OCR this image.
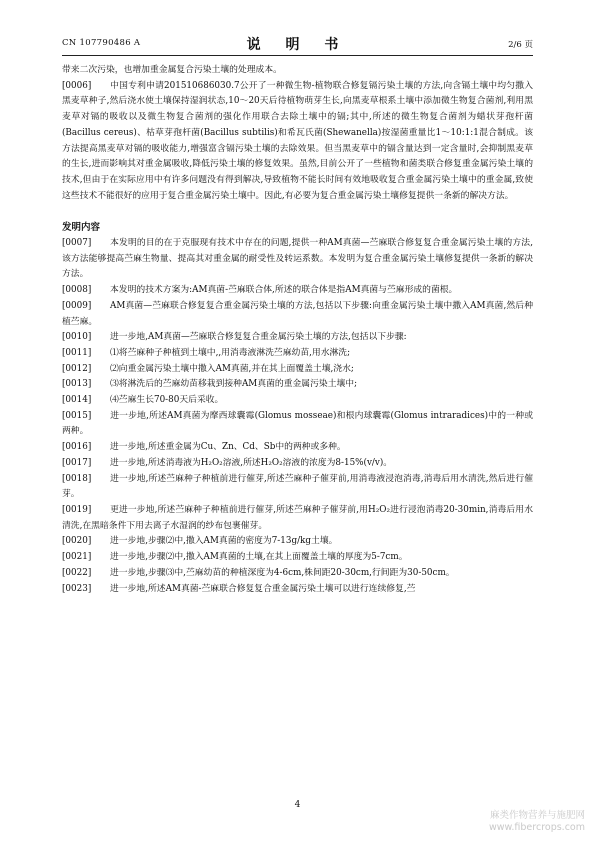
CN 107790486 A	说 明 书	2/6 页

带来二次污染，也增加重金属复合污染土壤的处理成本。

[0006] 中国专利申请201510686030.7公开了一种微生物-植物联合修复镉污染土壤的方法,向含镉土壤中均匀撒入黑麦草种子,然后浇水使土壤保持湿润状态,10～20天后待植物萌芽生长,向黑麦草根系土壤中添加微生物复合菌剂,利用黑麦草对镉的吸收以及微生物复合菌剂的强化作用联合去除土壤中的镉;其中,所述的微生物复合菌剂为蜡状芽孢杆菌(Bacillus cereus)、枯草芽孢杆菌(Bacillus subtilis)和希瓦氏菌(Shewanella)按湿菌重量比1～10:1:1混合制成。该方法提高黑麦草对镉的吸收能力,增强富含镉污染土壤的去除效果。但当黑麦草中的镉含量达到一定含量时,会抑制黑麦草的生长,进而影响其对重金属吸收,降低污染土壤的修复效果。虽然,目前公开了一些植物和菌类联合修复重金属污染土壤的技术,但由于在实际应用中有许多问题没有得到解决,导致植物不能长时间有效地吸收复合重金属污染土壤中的重金属,致使这些技术不能很好的应用于复合重金属污染土壤中。因此,有必要为复合重金属污染土壤修复提供一条新的解决方法。

发明内容

[0007] 本发明的目的在于克服现有技术中存在的问题,提供一种AM真菌—苎麻联合修复复合重金属污染土壤的方法,该方法能够提高苎麻生物量、提高其对重金属的耐受性及转运系数。本发明为复合重金属污染土壤修复提供一条新的解决方法。

[0008] 本发明的技术方案为:AM真菌-苎麻联合体,所述的联合体是指AM真菌与苎麻形成的菌根。

[0009] AM真菌—苎麻联合修复复合重金属污染土壤的方法,包括以下步骤:向重金属污染土壤中撒入AM真菌,然后种植苎麻。

[0010] 进一步地,AM真菌—苎麻联合修复复合重金属污染土壤的方法,包括以下步骤:

[0011] ⑴将苎麻种子种植到土壤中,,用消毒液淋洗苎麻幼苗,用水淋洗;

[0012] ⑵向重金属污染土壤中撒入AM真菌,并在其上面覆盖土壤,浇水;

[0013] ⑶将淋洗后的苎麻幼苗移栽到接种AM真菌的重金属污染土壤中;

[0014] ⑷苎麻生长70-80天后采收。

[0015] 进一步地,所述AM真菌为摩西球囊霉(Glomus mosseae)和根内球囊霉(Glomus intraradices)中的一种或两种。

[0016] 进一步地,所述重金属为Cu、Zn、Cd、Sb中的两种或多种。

[0017] 进一步地,所述消毒液为H₂O₂溶液,所述H₂O₂溶液的浓度为8-15%(v/v)。

[0018] 进一步地,所述苎麻种子种植前进行催芽,所述苎麻种子催芽前,用消毒液浸泡消毒,消毒后用水清洗,然后进行催芽。

[0019] 更进一步地,所述苎麻种子种植前进行催芽,所述苎麻种子催芽前,用H₂O₂进行浸泡消毒20-30min,消毒后用水清洗,在黑暗条件下用去离子水湿润的纱布包裹催芽。

[0020] 进一步地,步骤⑵中,撒入AM真菌的密度为7-13g/kg土壤。

[0021] 进一步地,步骤⑵中,撒入AM真菌的土壤,在其上面覆盖土壤的厚度为5-7cm。

[0022] 进一步地,步骤⑶中,苎麻幼苗的种植深度为4-6cm,株间距20-30cm,行间距为30-50cm。

[0023] 进一步地,所述AM真菌-苎麻联合修复复合重金属污染土壤可以进行连续修复,苎

4
麻类作物营养与施肥网
www.fibercrops.com
